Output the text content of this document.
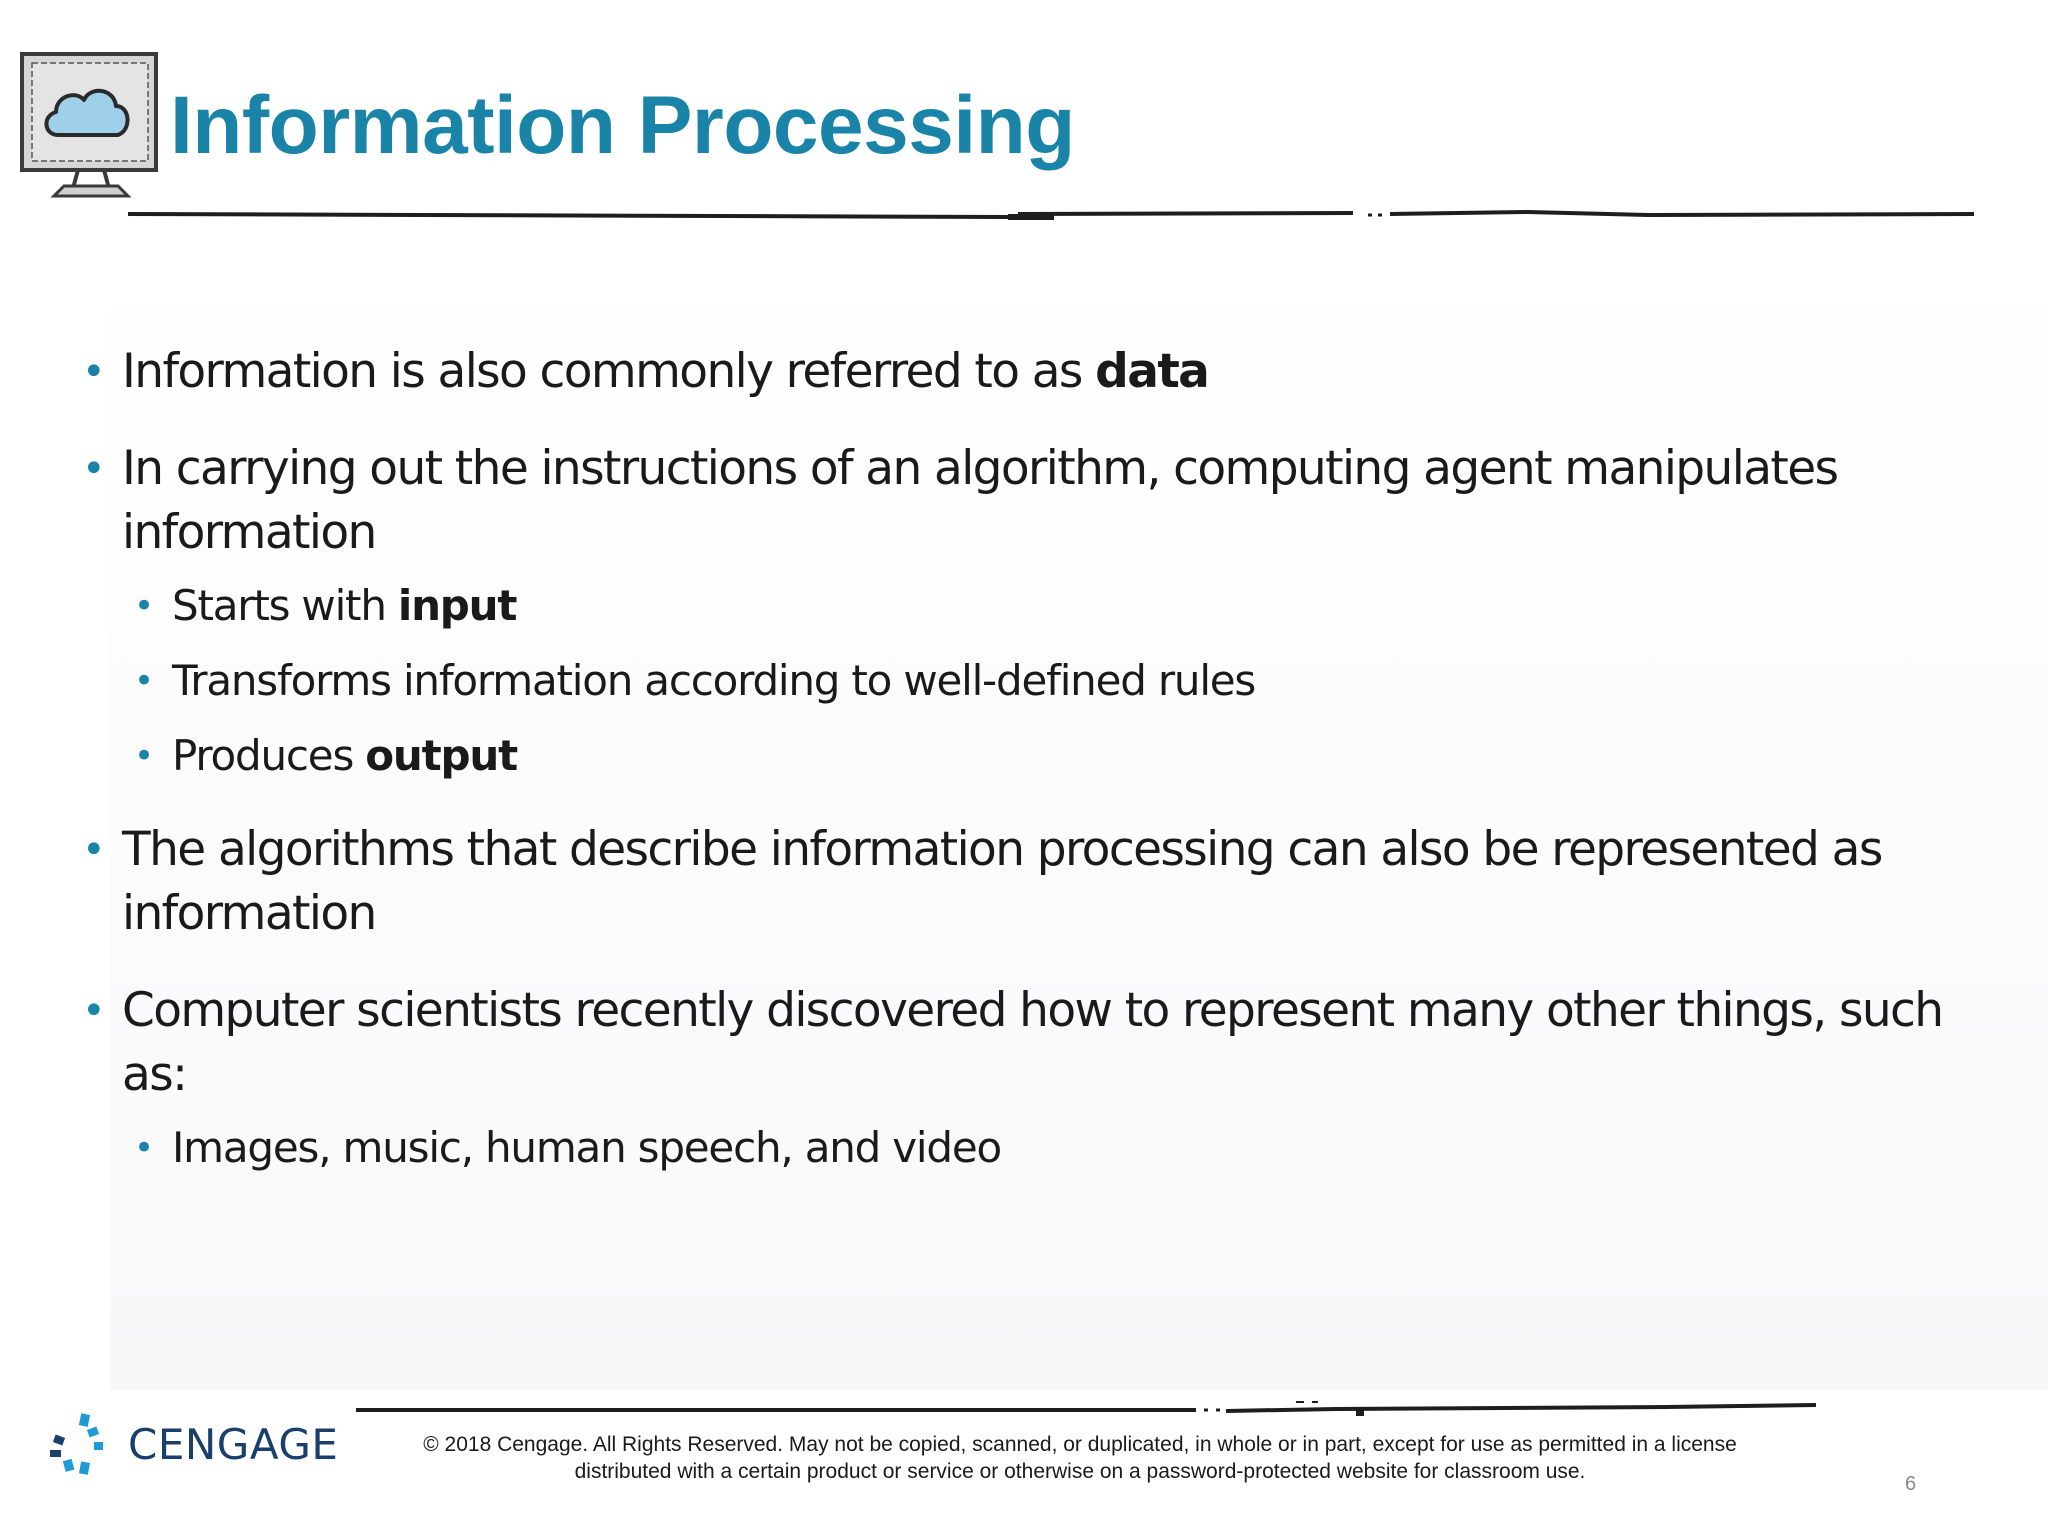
Information Processing
• Information is also commonly referred to as data
• In carrying out the instructions of an algorithm, computing agent manipulates information
• Starts with input
• Transforms information according to well-defined rules
• Produces output
• The algorithms that describe information processing can also be represented as information
• Computer scientists recently discovered how to represent many other things, such as:
• Images, music, human speech, and video
CENGAGE	© 2018 Cengage. All Rights Reserved. May not be copied, scanned, or duplicated, in whole or in part, except for use as permitted in a license
distributed with a certain product or service or otherwise on a password-protected website for classroom use.
6
